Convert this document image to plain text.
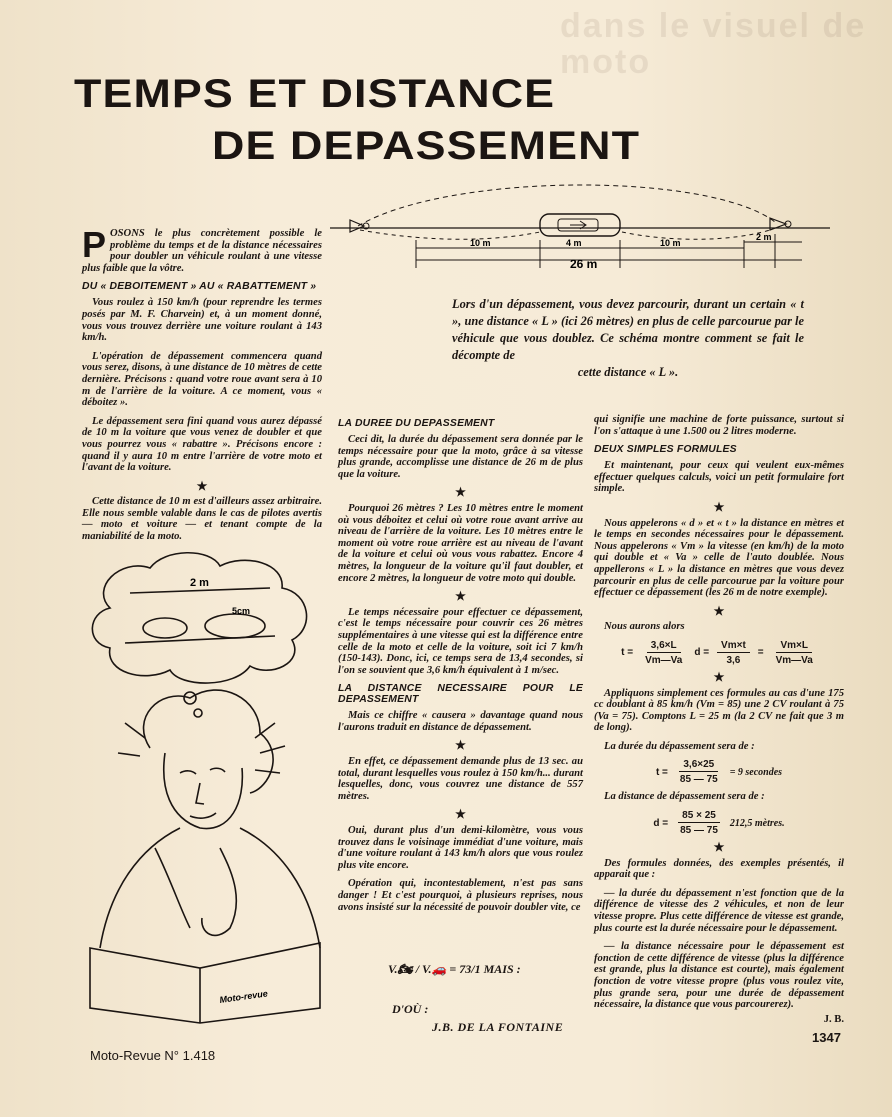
dans le visuel de moto
TEMPS ET DISTANCE
DE DEPASSEMENT
10 m	4 m	10 m
2 m
26 m
Lors d'un dépassement, vous devez parcourir, durant un certain « t », une distance « L » (ici 26 mètres) en plus de celle parcourue par le véhicule que vous doublez. Ce schéma montre comment se fait le décompte de
cette distance « L ».

POSONS le plus concrètement possible le problème du temps et de la distance nécessaires pour doubler un véhicule roulant à une vitesse plus faible que la vôtre.

DU « DEBOITEMENT » AU « RABATTEMENT »

Vous roulez à 150 km/h (pour reprendre les termes posés par M. F. Charvein) et, à un moment donné, vous vous trouvez derrière une voiture roulant à 143 km/h.

L'opération de dépassement commencera quand vous serez, disons, à une distance de 10 mètres de cette dernière. Précisons : quand votre roue avant sera à 10 m de l'arrière de la voiture. A ce moment, vous « déboitez ».

Le dépassement sera fini quand vous aurez dépassé de 10 m la voiture que vous venez de doubler et que vous pourrez vous « rabattre ». Précisons encore : quand il y aura 10 m entre l'arrière de votre moto et l'avant de la voiture.

★

Cette distance de 10 m est d'ailleurs assez arbitraire. Elle nous semble valable dans le cas de pilotes avertis — moto et voiture — et tenant compte de la maniabilité de la moto.

LA DUREE DU DEPASSEMENT

Ceci dit, la durée du dépassement sera donnée par le temps nécessaire pour que la moto, grâce à sa vitesse plus grande, accomplisse une distance de 26 m de plus que la voiture.

★

Pourquoi 26 mètres ? Les 10 mètres entre le moment où vous déboitez et celui où votre roue avant arrive au niveau de l'arrière de la voiture. Les 10 mètres entre le moment où votre roue arrière est au niveau de l'avant de la voiture et celui où vous vous rabattez. Encore 4 mètres, la longueur de la voiture qu'il faut doubler, et encore 2 mètres, la longueur de votre moto qui double.

★

Le temps nécessaire pour effectuer ce dépassement, c'est le temps nécessaire pour couvrir ces 26 mètres supplémentaires à une vitesse qui est la différence entre celle de la moto et celle de la voiture, soit ici 7 km/h (150-143). Donc, ici, ce temps sera de 13,4 secondes, si l'on se souvient que 3,6 km/h équivalent à 1 m/sec.

LA DISTANCE NECESSAIRE POUR LE DEPASSEMENT

Mais ce chiffre « causera » davantage quand nous l'aurons traduit en distance de dépassement.

★

En effet, ce dépassement demande plus de 13 sec. au total, durant lesquelles vous roulez à 150 km/h... durant lesquelles, donc, vous couvrez une distance de 557 mètres.

★

Oui, durant plus d'un demi-kilomètre, vous vous trouvez dans le voisinage immédiat d'une voiture, mais d'une voiture roulant à 143 km/h alors que vous roulez plus vite encore.

Opération qui, incontestablement, n'est pas sans danger ! Et c'est pourquoi, à plusieurs reprises, nous avons insisté sur la nécessité de pouvoir doubler vite, ce

qui signifie une machine de forte puissance, surtout si l'on s'attaque à une 1.500 ou 2 litres moderne.

DEUX SIMPLES FORMULES

Et maintenant, pour ceux qui veulent eux-mêmes effectuer quelques calculs, voici un petit formulaire fort simple.

★

Nous appelerons « d » et « t » la distance en mètres et le temps en secondes nécessaires pour le dépassement. Nous appelerons « Vm » la vitesse (en km/h) de la moto qui double et « Va » celle de l'auto doublée. Nous appellerons « L » la distance en mètres que vous devez parcourir en plus de celle parcourue par la voiture pour effectuer ce dépassement (les 26 m de notre exemple).

★

Nous aurons alors

$t = \frac{3,6\times L}{Vm—Va}$ $d = \frac{Vm\times t}{3,6} = \frac{Vm\times L}{Vm—Va}$
★

Appliquons simplement ces formules au cas d'une 175 cc doublant à 85 km/h (Vm = 85) une 2 CV roulant à 75 (Va = 75). Comptons L = 25 m (la 2 CV ne fait que 3 m de long).

La durée du dépassement sera de :

$t = \frac{3,6\times 25}{85 — 75} = 9$ secondes

La distance de dépassement sera de :

$d = \frac{85 \times 25}{85 — 75} 212,5$ mètres.
★

Des formules données, des exemples présentés, il apparait que :

— la durée du dépassement n'est fonction que de la différence de vitesse des 2 véhicules, et non de leur vitesse propre. Plus cette différence de vitesse est grande, plus courte est la durée nécessaire pour le dépassement.

— la distance nécessaire pour le dépassement est fonction de cette différence de vitesse (plus la différence est grande, plus la distance est courte), mais également fonction de votre vitesse propre (plus vous roulez vite, plus grande sera, pour une durée de dépassement nécessaire, la distance que vous parcourerez).

J. B.
2 m
5cm
Moto-revue
V.🏍 / V.🚗 = 73/1 MAIS :
D'OÙ :
J.B. DE LA FONTAINE
Moto-Revue N° 1.418
1347
